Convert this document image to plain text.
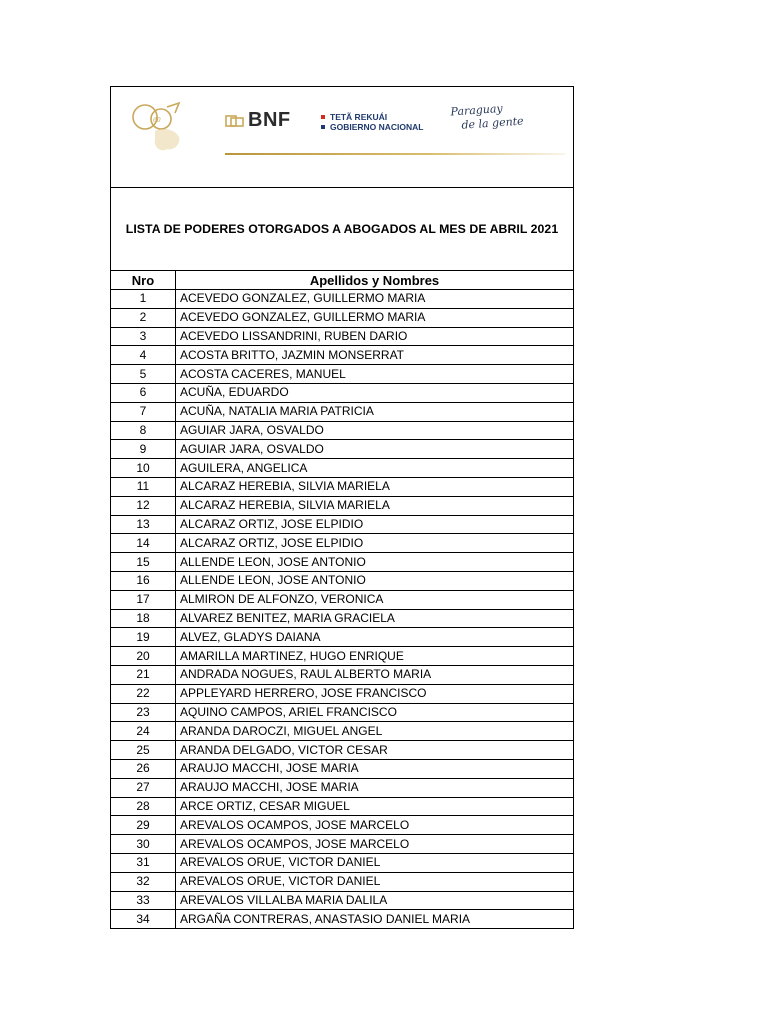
60	BNF	TETÃ REKUÁI
GOBIERNO NACIONAL
Paraguay
de la gente
LISTA DE PODERES OTORGADOS A ABOGADOS AL MES DE ABRIL 2021
Nro	Apellidos y Nombres
1	ACEVEDO GONZALEZ, GUILLERMO MARIA
2	ACEVEDO GONZALEZ, GUILLERMO MARIA
3	ACEVEDO LISSANDRINI, RUBEN DARIO
4	ACOSTA BRITTO, JAZMIN MONSERRAT
5	ACOSTA CACERES, MANUEL
6	ACUÑA, EDUARDO
7	ACUÑA, NATALIA MARIA PATRICIA
8	AGUIAR JARA, OSVALDO
9	AGUIAR JARA, OSVALDO
10	AGUILERA, ANGELICA
11	ALCARAZ HEREBIA, SILVIA MARIELA
12	ALCARAZ HEREBIA, SILVIA MARIELA
13	ALCARAZ ORTIZ, JOSE ELPIDIO
14	ALCARAZ ORTIZ, JOSE ELPIDIO
15	ALLENDE LEON, JOSE ANTONIO
16	ALLENDE LEON, JOSE ANTONIO
17	ALMIRON DE ALFONZO, VERONICA
18	ALVAREZ BENITEZ, MARIA GRACIELA
19	ALVEZ, GLADYS DAIANA
20	AMARILLA MARTINEZ, HUGO ENRIQUE
21	ANDRADA NOGUES, RAUL ALBERTO MARIA
22	APPLEYARD HERRERO, JOSE FRANCISCO
23	AQUINO CAMPOS, ARIEL FRANCISCO
24	ARANDA DAROCZI, MIGUEL ANGEL
25	ARANDA DELGADO, VICTOR CESAR
26	ARAUJO MACCHI, JOSE MARIA
27	ARAUJO MACCHI, JOSE MARIA
28	ARCE ORTIZ, CESAR MIGUEL
29	AREVALOS OCAMPOS, JOSE MARCELO
30	AREVALOS OCAMPOS, JOSE MARCELO
31	AREVALOS ORUE, VICTOR DANIEL
32	AREVALOS ORUE, VICTOR DANIEL
33	AREVALOS VILLALBA MARIA DALILA
34	ARGAÑA CONTRERAS, ANASTASIO DANIEL MARIA
